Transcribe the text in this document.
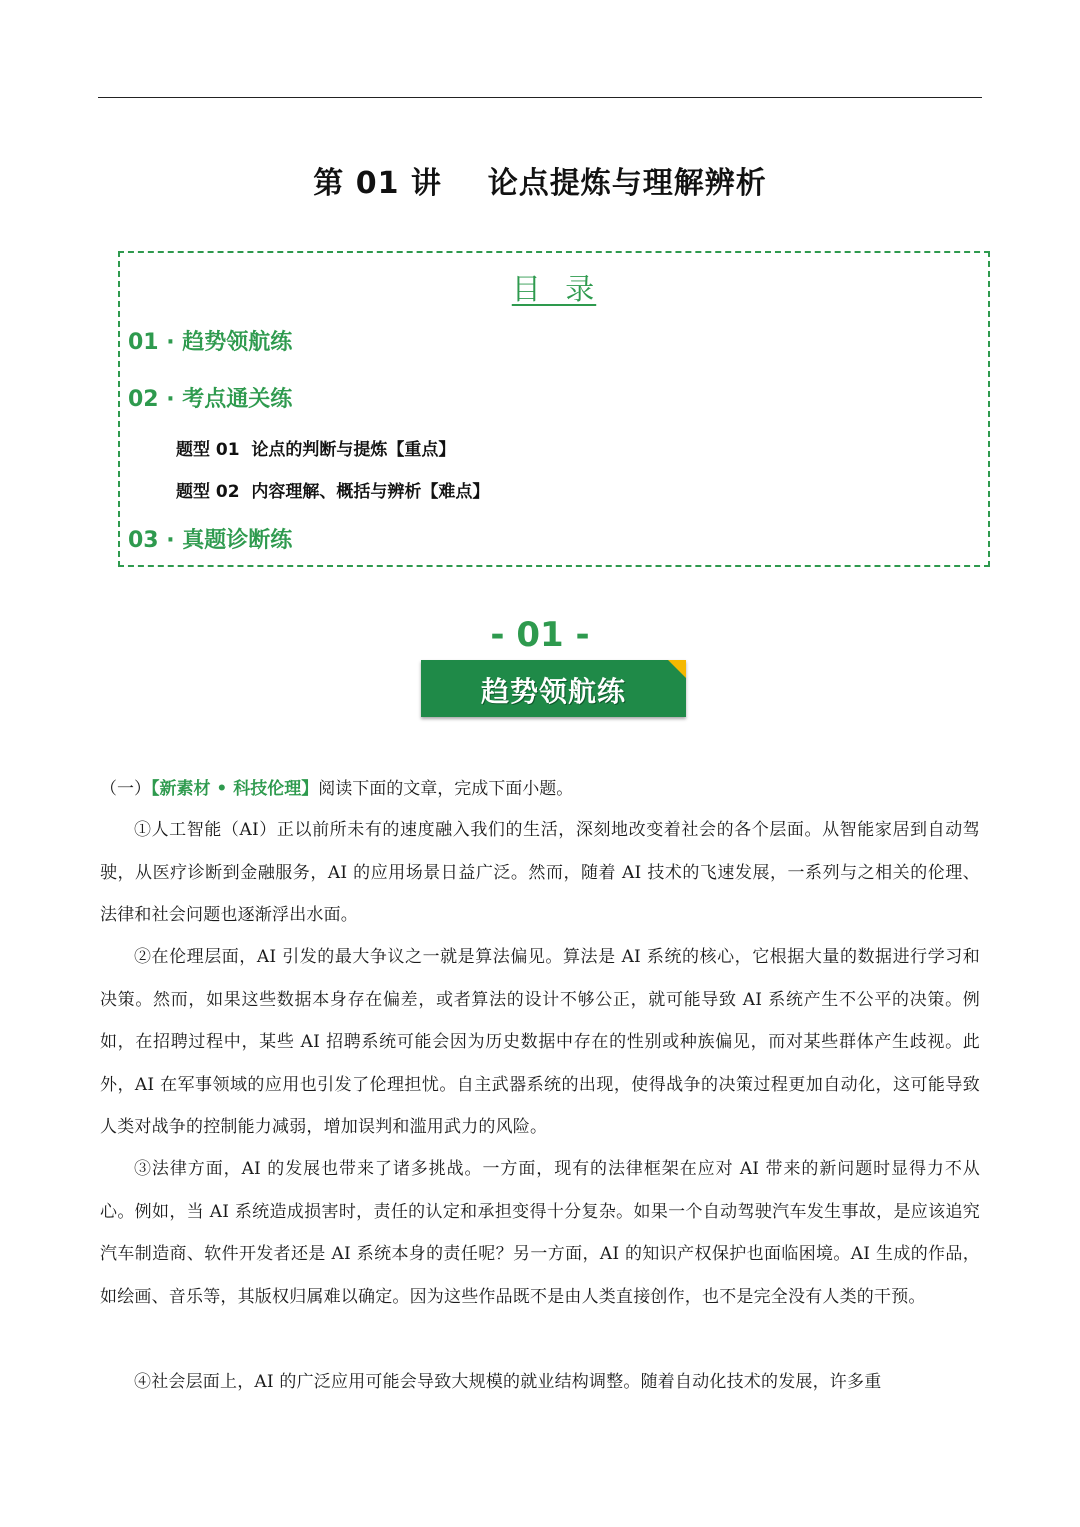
第 01 讲    论点提炼与理解辨析
目  录
01 · 趋势领航练
02 · 考点通关练
题型 01  论点的判断与提炼【重点】
题型 02  内容理解、概括与辨析【难点】
03 · 真题诊断练
- 01 -
趋势领航练
（一）【新素材 • 科技伦理】阅读下面的文章，完成下面小题。
①人工智能（AI）正以前所未有的速度融入我们的生活，深刻地改变着社会的各个层面。从智能家居到自动驾驶，从医疗诊断到金融服务，AI 的应用场景日益广泛。然而，随着 AI 技术的飞速发展，一系列与之相关的伦理、法律和社会问题也逐渐浮出水面。
②在伦理层面，AI 引发的最大争议之一就是算法偏见。算法是 AI 系统的核心，它根据大量的数据进行学习和决策。然而，如果这些数据本身存在偏差，或者算法的设计不够公正，就可能导致 AI 系统产生不公平的决策。例如，在招聘过程中，某些 AI 招聘系统可能会因为历史数据中存在的性别或种族偏见，而对某些群体产生歧视。此外，AI 在军事领域的应用也引发了伦理担忧。自主武器系统的出现，使得战争的决策过程更加自动化，这可能导致人类对战争的控制能力减弱，增加误判和滥用武力的风险。
③法律方面，AI 的发展也带来了诸多挑战。一方面，现有的法律框架在应对 AI 带来的新问题时显得力不从心。例如，当 AI 系统造成损害时，责任的认定和承担变得十分复杂。如果一个自动驾驶汽车发生事故，是应该追究汽车制造商、软件开发者还是 AI 系统本身的责任呢？另一方面，AI 的知识产权保护也面临困境。AI 生成的作品，如绘画、音乐等，其版权归属难以确定。因为这些作品既不是由人类直接创作，也不是完全没有人类的干预。
④社会层面上，AI 的广泛应用可能会导致大规模的就业结构调整。随着自动化技术的发展，许多重
